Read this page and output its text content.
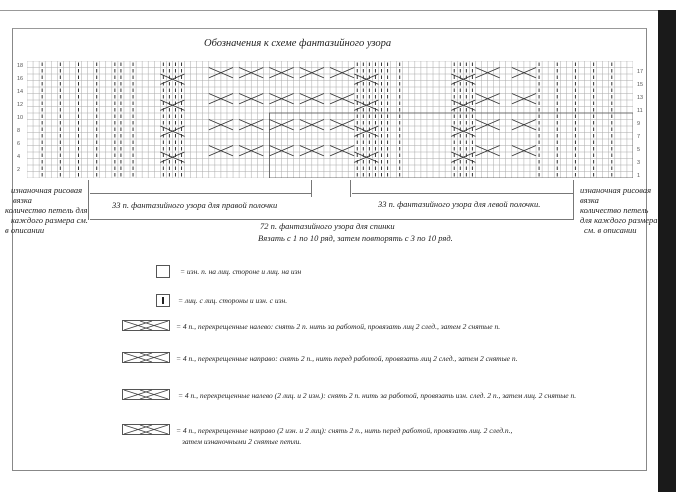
Обозначения к схеме фантазийного узора
18
16
14
12
10
8
6
4
2
17
15
13
11
9
7
5
3
1
33 п. фантазийного узора для правой полочки	33 п. фантазийного узора для левой полочки.
72 п. фантазийного узора для спинки
Вязать с 1 по 10 ряд, затем повторять с 3 по 10 ряд.
изнаночная рисовая
вязка
количество петель для
каждого размера см.
в описании
изнаночная рисовая
вязка
количество петель
для каждого размера
см. в описании
= изн. п. на лиц. стороне и лиц. на изн
= лиц. с лиц. стороны и изн. с изн.
= 4 п., перекрещенные налево: снять 2 п. нить за работой, провязать лиц 2 след., затем 2 снятые п.
= 4 п., перекрещенные направо: снять 2 п., нить перед работой, провязать лиц 2 след., затем 2 снятые п.
= 4 п., перекрещенные налево (2 лиц. и 2 изн.): снять 2 п. нить за работой, провязать изн. след. 2 п., затем лиц. 2 снятые п.
= 4 п., перекрещенные направо (2 изн. и 2 лиц): снять 2 п., нить перед работой, провязать лиц. 2 след.п.,
затем изнаночными 2 снятые петли.
